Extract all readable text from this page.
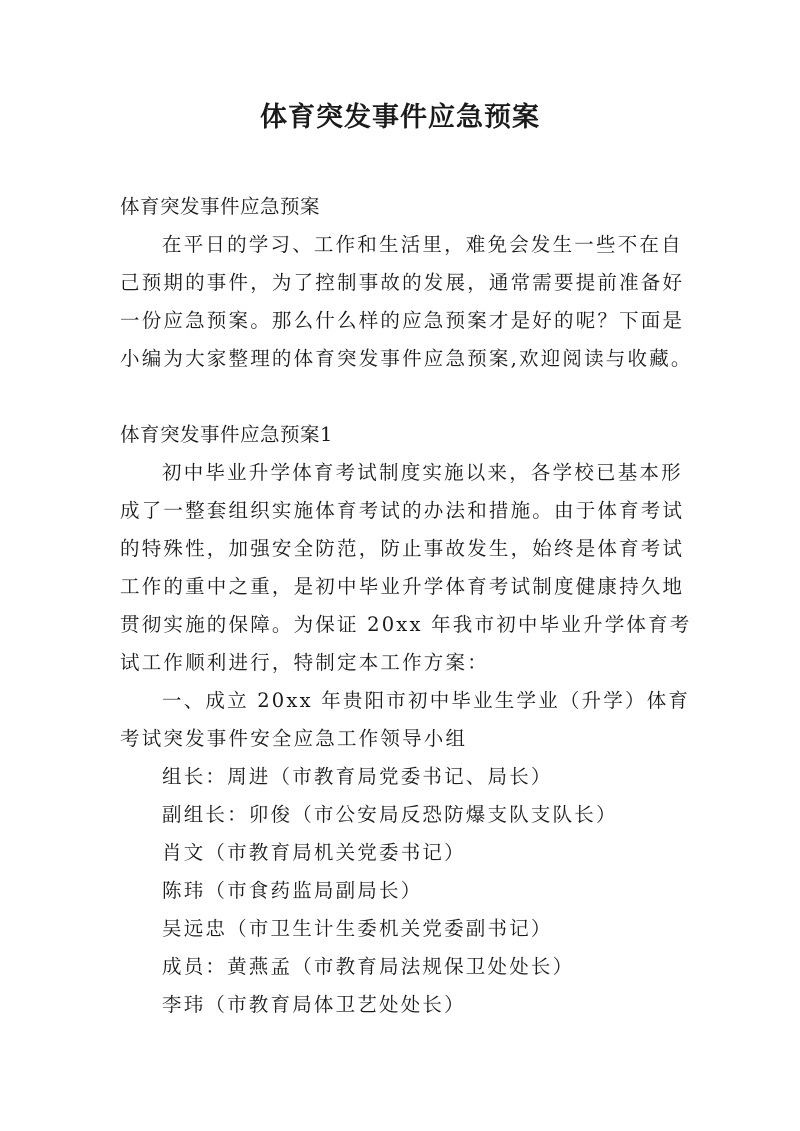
体育突发事件应急预案
体育突发事件应急预案
在平日的学习、工作和生活里，难免会发生一些不在自
己预期的事件，为了控制事故的发展，通常需要提前准备好
一份应急预案。那么什么样的应急预案才是好的呢？下面是
小编为大家整理的体育突发事件应急预案,欢迎阅读与收藏。
体育突发事件应急预案1
初中毕业升学体育考试制度实施以来，各学校已基本形
成了一整套组织实施体育考试的办法和措施。由于体育考试
的特殊性，加强安全防范，防止事故发生，始终是体育考试
工作的重中之重，是初中毕业升学体育考试制度健康持久地
贯彻实施的保障。为保证 20xx 年我市初中毕业升学体育考
试工作顺利进行，特制定本工作方案：
一、成立 20xx 年贵阳市初中毕业生学业（升学）体育
考试突发事件安全应急工作领导小组
组长：周进（市教育局党委书记、局长）
副组长：卯俊（市公安局反恐防爆支队支队长）
肖文（市教育局机关党委书记）
陈玮（市食药监局副局长）
吴远忠（市卫生计生委机关党委副书记）
成员：黄燕孟（市教育局法规保卫处处长）
李玮（市教育局体卫艺处处长）
